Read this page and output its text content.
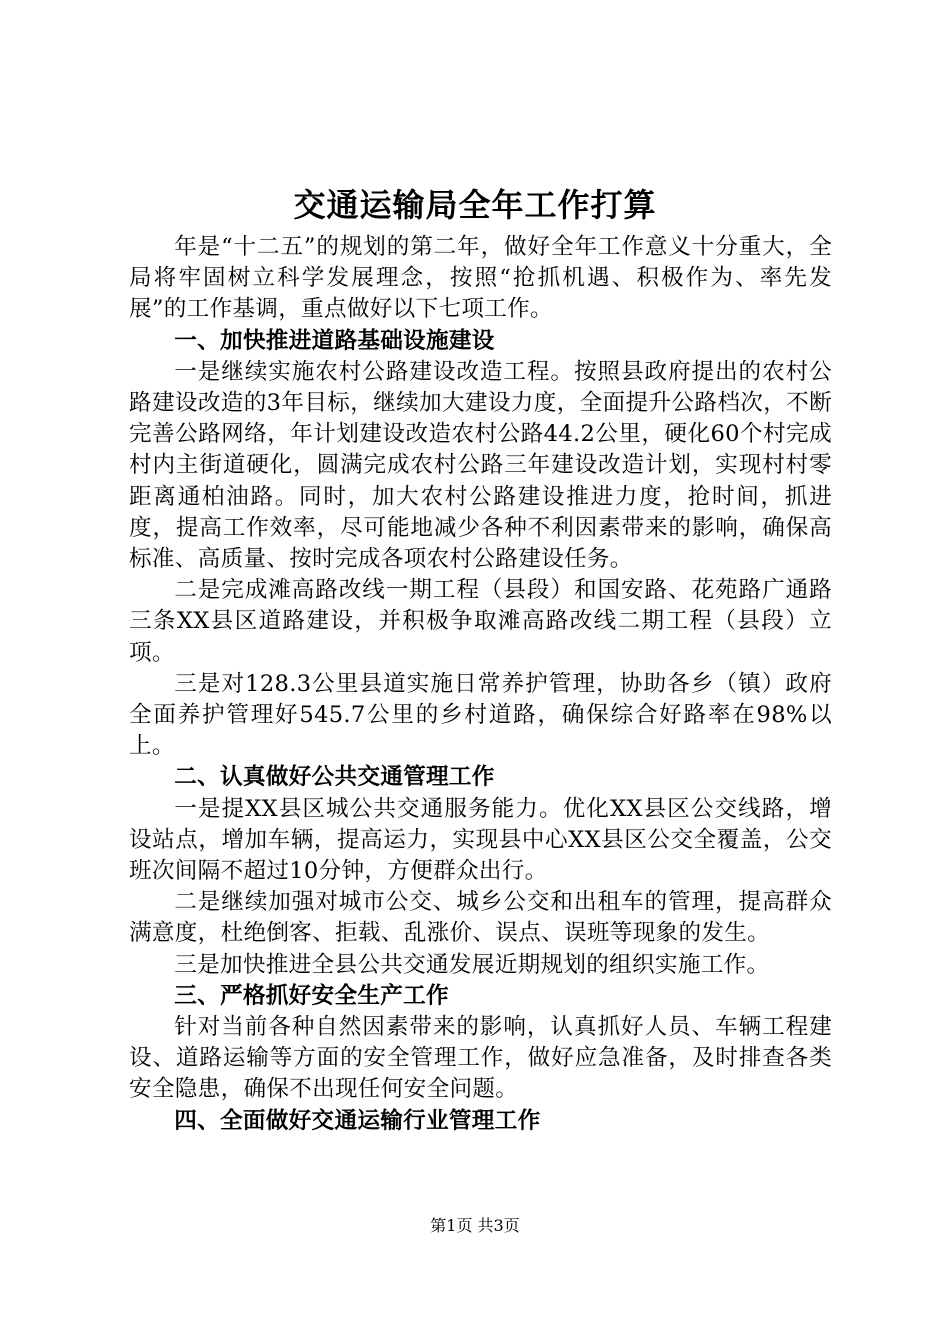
交通运输局全年工作打算

年是“十二五”的规划的第二年，做好全年工作意义十分重大，全局将牢固树立科学发展理念，按照“抢抓机遇、积极作为、率先发展”的工作基调，重点做好以下七项工作。

一、加快推进道路基础设施建设

一是继续实施农村公路建设改造工程。按照县政府提出的农村公路建设改造的3年目标，继续加大建设力度，全面提升公路档次，不断完善公路网络，年计划建设改造农村公路44.2公里，硬化60个村完成村内主街道硬化，圆满完成农村公路三年建设改造计划，实现村村零距离通柏油路。同时，加大农村公路建设推进力度，抢时间，抓进度，提高工作效率，尽可能地减少各种不利因素带来的影响，确保高标准、高质量、按时完成各项农村公路建设任务。

二是完成滩高路改线一期工程（县段）和国安路、花苑路广通路三条XX县区道路建设，并积极争取滩高路改线二期工程（县段）立项。

三是对128.3公里县道实施日常养护管理，协助各乡（镇）政府全面养护管理好545.7公里的乡村道路，确保综合好路率在98%以上。

二、认真做好公共交通管理工作

一是提XX县区城公共交通服务能力。优化XX县区公交线路，增设站点，增加车辆，提高运力，实现县中心XX县区公交全覆盖，公交班次间隔不超过10分钟，方便群众出行。

二是继续加强对城市公交、城乡公交和出租车的管理，提高群众满意度，杜绝倒客、拒载、乱涨价、误点、误班等现象的发生。

三是加快推进全县公共交通发展近期规划的组织实施工作。

三、严格抓好安全生产工作

针对当前各种自然因素带来的影响，认真抓好人员、车辆工程建设、道路运输等方面的安全管理工作，做好应急准备，及时排查各类安全隐患，确保不出现任何安全问题。

四、全面做好交通运输行业管理工作

第1页 共3页
